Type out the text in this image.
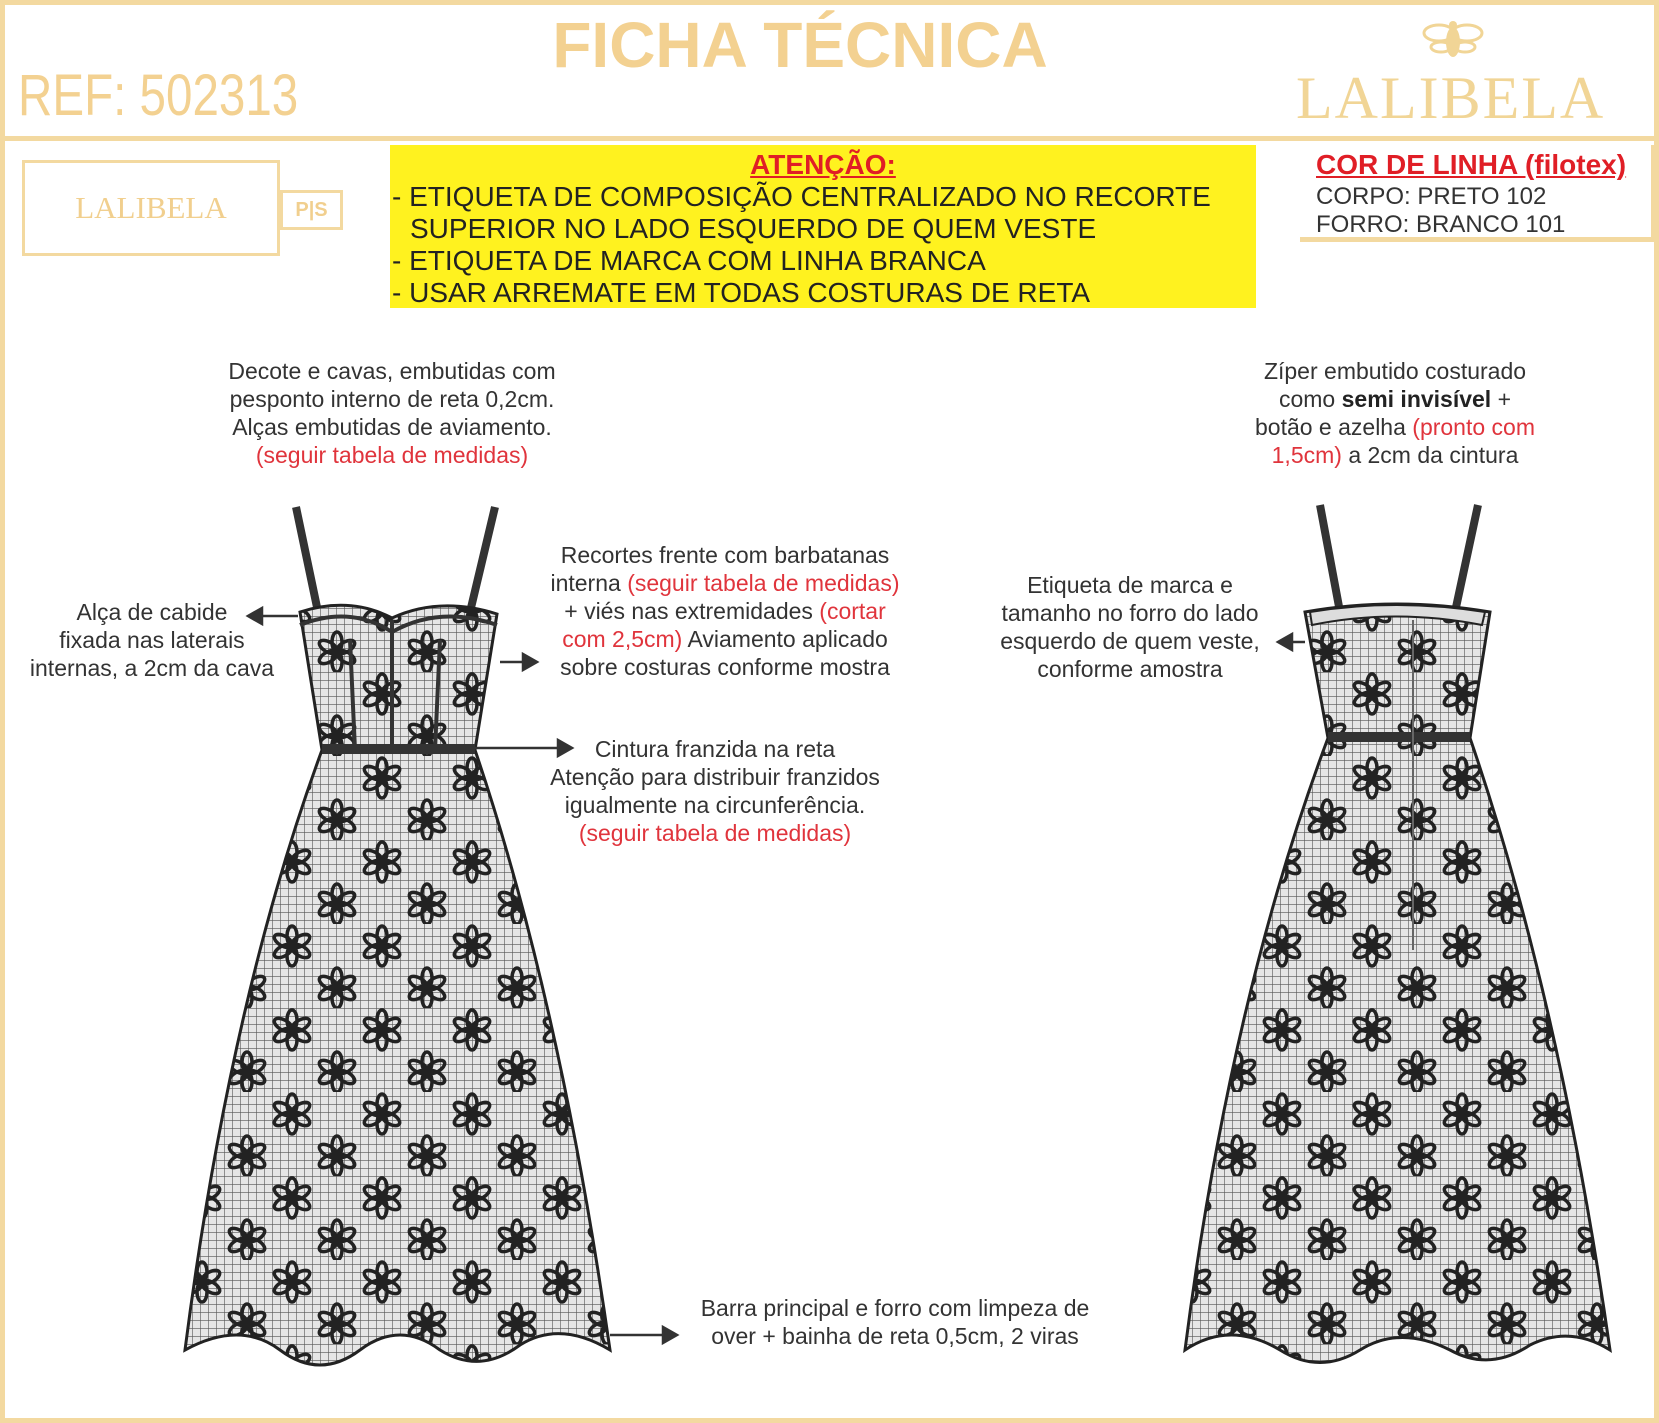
FICHA TÉCNICA
REF: 502313	LALIBELA
LALIBELA	P|S
ATENÇÃO:
- ETIQUETA DE COMPOSIÇÃO CENTRALIZADO NO RECORTE
SUPERIOR NO LADO ESQUERDO DE QUEM VESTE
- ETIQUETA DE MARCA COM LINHA BRANCA
- USAR ARREMATE EM TODAS COSTURAS DE RETA
COR DE LINHA (filotex)
CORPO: PRETO 102
FORRO: BRANCO 101
Decote e cavas, embutidas com
pesponto interno de reta 0,2cm.
Alças embutidas de aviamento.
(seguir tabela de medidas)
Alça de cabide
fixada nas laterais
internas, a 2cm da cava
Recortes frente com barbatanas
interna (seguir tabela de medidas)
+ viés nas extremidades (cortar
com 2,5cm) Aviamento aplicado
sobre costuras conforme mostra
Cintura franzida na reta
Atenção para distribuir franzidos
igualmente na circunferência.
(seguir tabela de medidas)
Barra principal e forro com limpeza de
over + bainha de reta 0,5cm, 2 viras
Zíper embutido costurado
como semi invisível +
botão e azelha (pronto com
1,5cm) a 2cm da cintura
Etiqueta de marca e
tamanho no forro do lado
esquerdo de quem veste,
conforme amostra
